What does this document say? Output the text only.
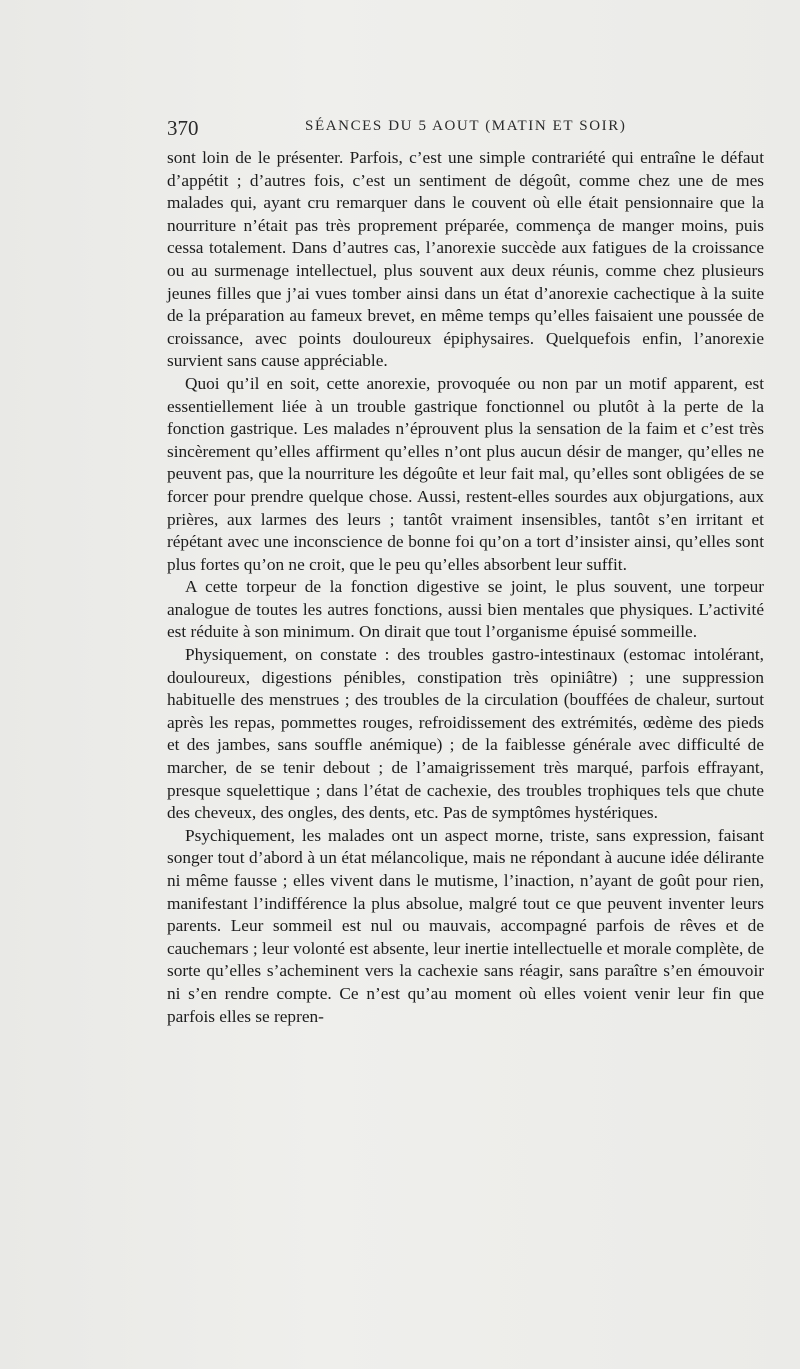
370	SÉANCES DU 5 AOUT (MATIN ET SOIR)

sont loin de le présenter. Parfois, c’est une simple contrariété qui entraîne le défaut d’appétit ; d’autres fois, c’est un sentiment de dégoût, comme chez une de mes malades qui, ayant cru remarquer dans le couvent où elle était pensionnaire que la nourriture n’était pas très proprement préparée, commença de manger moins, puis cessa totalement. Dans d’autres cas, l’anorexie succède aux fatigues de la croissance ou au surmenage intellectuel, plus souvent aux deux réunis, comme chez plusieurs jeunes filles que j’ai vues tomber ainsi dans un état d’anorexie cachectique à la suite de la préparation au fameux brevet, en même temps qu’elles faisaient une poussée de croissance, avec points douloureux épiphysaires. Quelquefois enfin, l’anorexie survient sans cause appréciable.

Quoi qu’il en soit, cette anorexie, provoquée ou non par un motif apparent, est essentiellement liée à un trouble gastrique fonctionnel ou plutôt à la perte de la fonction gastrique. Les malades n’éprouvent plus la sensation de la faim et c’est très sincèrement qu’elles affirment qu’elles n’ont plus aucun désir de manger, qu’elles ne peuvent pas, que la nourriture les dégoûte et leur fait mal, qu’elles sont obligées de se forcer pour prendre quelque chose. Aussi, restent-elles sourdes aux objurgations, aux prières, aux larmes des leurs ; tantôt vraiment insensibles, tantôt s’en irritant et répétant avec une inconscience de bonne foi qu’on a tort d’insister ainsi, qu’elles sont plus fortes qu’on ne croit, que le peu qu’elles absorbent leur suffit.

A cette torpeur de la fonction digestive se joint, le plus souvent, une torpeur analogue de toutes les autres fonctions, aussi bien mentales que physiques. L’activité est réduite à son minimum. On dirait que tout l’organisme épuisé sommeille.

Physiquement, on constate : des troubles gastro-intestinaux (estomac intolérant, douloureux, digestions pénibles, constipation très opiniâtre) ; une suppression habituelle des menstrues ; des troubles de la circulation (bouffées de chaleur, surtout après les repas, pommettes rouges, refroidissement des extrémités, œdème des pieds et des jambes, sans souffle anémique) ; de la faiblesse générale avec difficulté de marcher, de se tenir debout ; de l’amaigrissement très marqué, parfois effrayant, presque squelettique ; dans l’état de cachexie, des troubles trophiques tels que chute des cheveux, des ongles, des dents, etc. Pas de symptômes hystériques.

Psychiquement, les malades ont un aspect morne, triste, sans expression, faisant songer tout d’abord à un état mélancolique, mais ne répondant à aucune idée délirante ni même fausse ; elles vivent dans le mutisme, l’inaction, n’ayant de goût pour rien, manifestant l’indifférence la plus absolue, malgré tout ce que peuvent inventer leurs parents. Leur sommeil est nul ou mauvais, accompagné parfois de rêves et de cauchemars ; leur volonté est absente, leur inertie intellectuelle et morale complète, de sorte qu’elles s’acheminent vers la cachexie sans réagir, sans paraître s’en émouvoir ni s’en rendre compte. Ce n’est qu’au moment où elles voient venir leur fin que parfois elles se repren-
